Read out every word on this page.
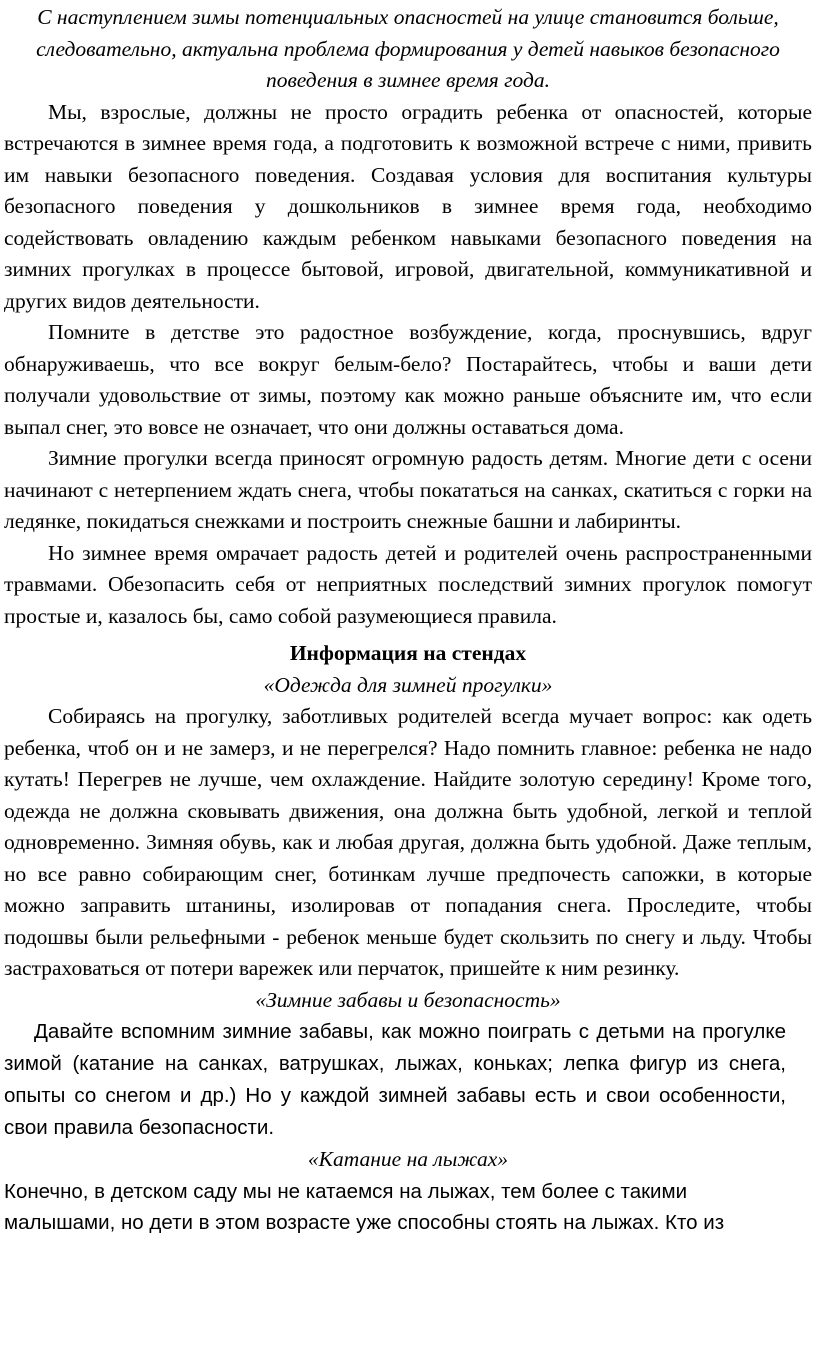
С наступлением зимы потенциальных опасностей на улице становится больше, следовательно, актуальна проблема формирования у детей навыков безопасного поведения в зимнее время года.

Мы, взрослые, должны не просто оградить ребенка от опасностей, которые встречаются в зимнее время года, а подготовить к возможной встрече с ними, привить им навыки безопасного поведения. Создавая условия для воспитания культуры безопасного поведения у дошкольников в зимнее время года, необходимо содействовать овладению каждым ребенком навыками безопасного поведения на зимних прогулках в процессе бытовой, игровой, двигательной, коммуникативной и других видов деятельности.

Помните в детстве это радостное возбуждение, когда, проснувшись, вдруг обнаруживаешь, что все вокруг белым-бело? Постарайтесь, чтобы и ваши дети получали удовольствие от зимы, поэтому как можно раньше объясните им, что если выпал снег, это вовсе не означает, что они должны оставаться дома.

Зимние прогулки всегда приносят огромную радость детям. Многие дети с осени начинают с нетерпением ждать снега, чтобы покататься на санках, скатиться с горки на ледянке, покидаться снежками и построить снежные башни и лабиринты.

Но зимнее время омрачает радость детей и родителей очень распространенными травмами. Обезопасить себя от неприятных последствий зимних прогулок помогут простые и, казалось бы, само собой разумеющиеся правила.

Информация на стендах

«Одежда для зимней прогулки»

Собираясь на прогулку, заботливых родителей всегда мучает вопрос: как одеть ребенка, чтоб он и не замерз, и не перегрелся? Надо помнить главное: ребенка не надо кутать! Перегрев не лучше, чем охлаждение. Найдите золотую середину! Кроме того, одежда не должна сковывать движения, она должна быть удобной, легкой и теплой одновременно. Зимняя обувь, как и любая другая, должна быть удобной. Даже теплым, но все равно собирающим снег, ботинкам лучше предпочесть сапожки, в которые можно заправить штанины, изолировав от попадания снега. Проследите, чтобы подошвы были рельефными - ребенок меньше будет скользить по снегу и льду. Чтобы застраховаться от потери варежек или перчаток, пришейте к ним резинку.

«Зимние забавы и безопасность»

Давайте вспомним зимние забавы, как можно поиграть с детьми на прогулке зимой (катание на санках, ватрушках, лыжах, коньках; лепка фигур из снега, опыты со снегом и др.) Но у каждой зимней забавы есть и свои особенности, свои правила безопасности.

«Катание на лыжах»

Конечно, в детском саду мы не катаемся на лыжах, тем более с такими малышами, но дети в этом возрасте уже способны стоять на лыжах. Кто из
